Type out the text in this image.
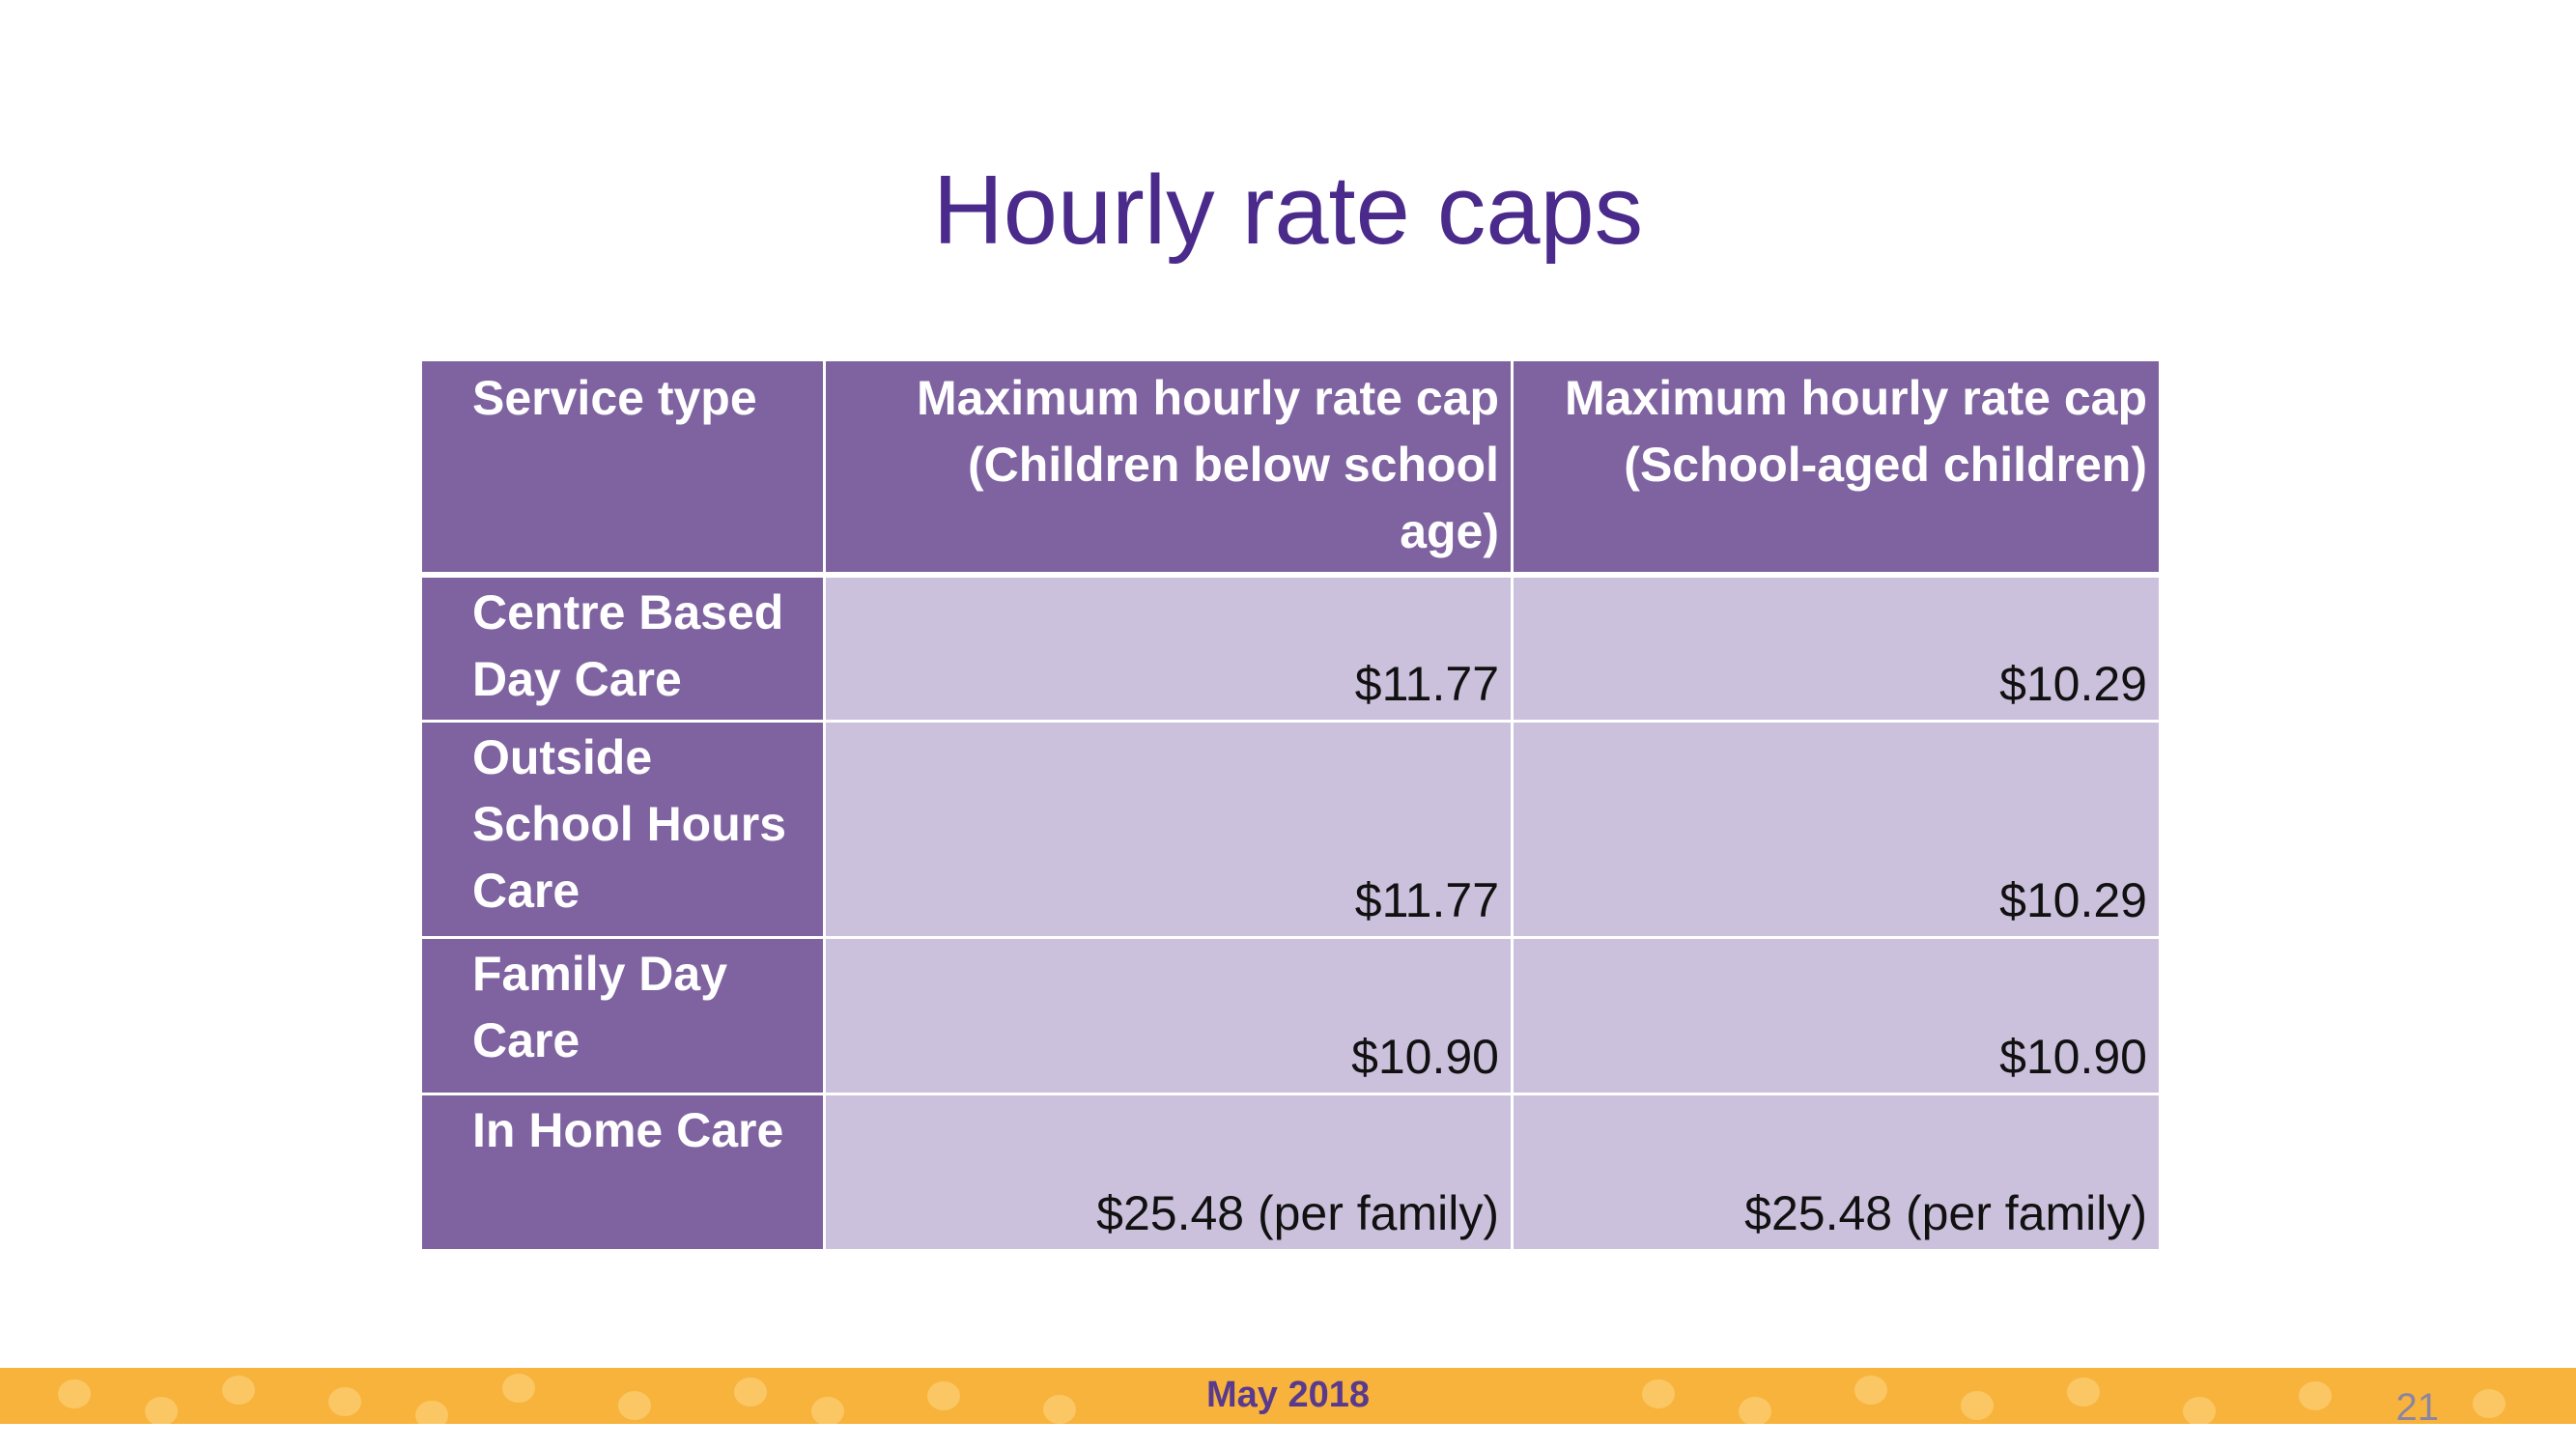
Hourly rate caps
Service type	Maximum hourly rate cap (Children below school age)	Maximum hourly rate cap (School-aged children)
Centre Based Day Care	$11.77	$10.29
Outside School Hours Care	$11.77	$10.29
Family Day Care	$10.90	$10.90
In Home Care	$25.48 (per family)	$25.48 (per family)
May 2018	21
